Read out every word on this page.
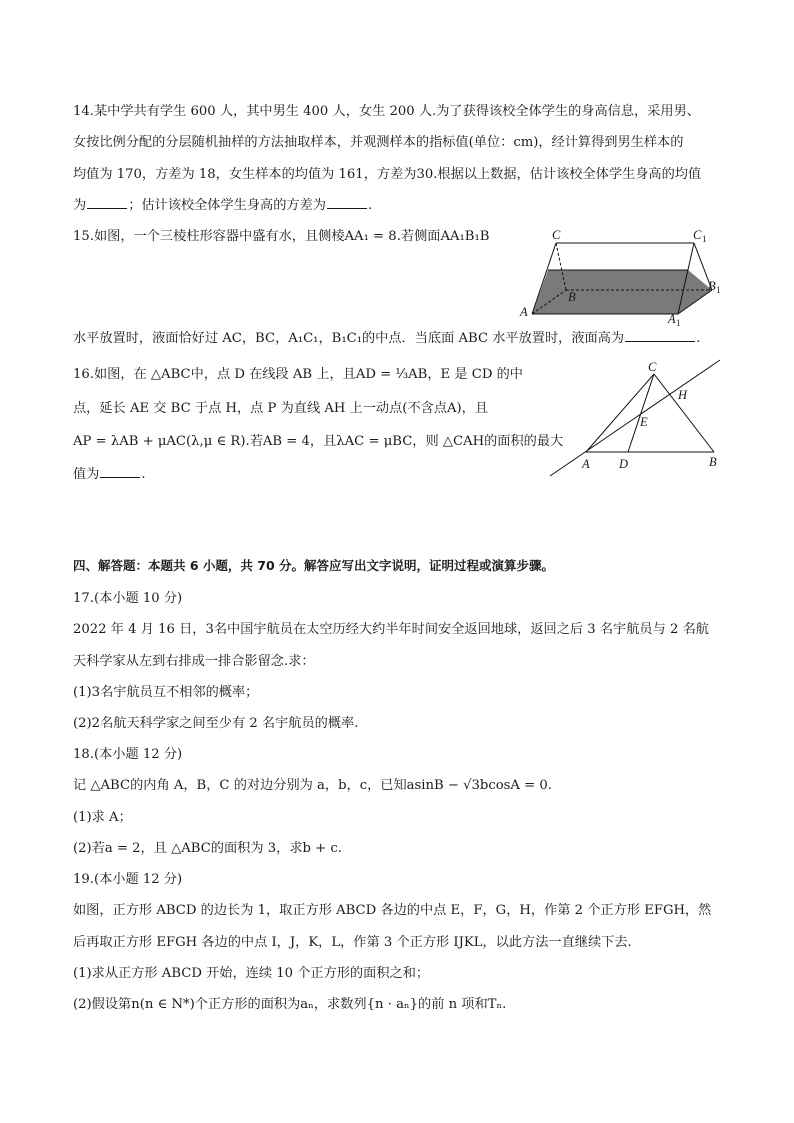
14.某中学共有学生 600 人，其中男生 400 人，女生 200 人.为了获得该校全体学生的身高信息，采用男、
女按比例分配的分层随机抽样的方法抽取样本，并观测样本的指标值(单位：cm)，经计算得到男生样本的
均值为 170，方差为 18，女生样本的均值为 161，方差为30.根据以上数据，估计该校全体学生身高的均值
为	；估计该校全体学生身高的方差为	.
15.如图，一个三棱柱形容器中盛有水，且侧棱AA₁ = 8.若侧面AA₁B₁B
水平放置时，液面恰好过 AC，BC，A₁C₁，B₁C₁的中点．当底面 ABC 水平放置时，液面高为	.
C	C 1
B
B 1
A	A 1
16.如图，在 △ABC中，点 D 在线段 AB 上，且AD = ⅓AB，E 是 CD 的中
点，延长 AE 交 BC 于点 H，点 P 为直线 AH 上一动点(不含点A)，且
AP = λAB + μAC(λ,μ ∈ R).若AB = 4，且λAC = μBC，则 △CAH的面积的最大
值为	.
C
H
E
A D	B
四、解答题：本题共 6 小题，共 70 分。解答应写出文字说明，证明过程或演算步骤。
17.(本小题 10 分)
2022 年 4 月 16 日，3名中国宇航员在太空历经大约半年时间安全返回地球，返回之后 3 名宇航员与 2 名航
天科学家从左到右排成一排合影留念.求：
(1)3名宇航员互不相邻的概率；
(2)2名航天科学家之间至少有 2 名宇航员的概率.
18.(本小题 12 分)
记 △ABC的内角 A，B，C 的对边分别为 a，b，c，已知asinB − √3bcosA = 0.
(1)求 A；
(2)若a = 2，且 △ABC的面积为 3，求b + c.
19.(本小题 12 分)
如图，正方形 ABCD 的边长为 1，取正方形 ABCD 各边的中点 E，F，G，H，作第 2 个正方形 EFGH，然
后再取正方形 EFGH 各边的中点 I，J，K，L，作第 3 个正方形 IJKL，以此方法一直继续下去.
(1)求从正方形 ABCD 开始，连续 10 个正方形的面积之和；
(2)假设第n(n ∈ N*)个正方形的面积为aₙ，求数列{n · aₙ}的前 n 项和Tₙ.
